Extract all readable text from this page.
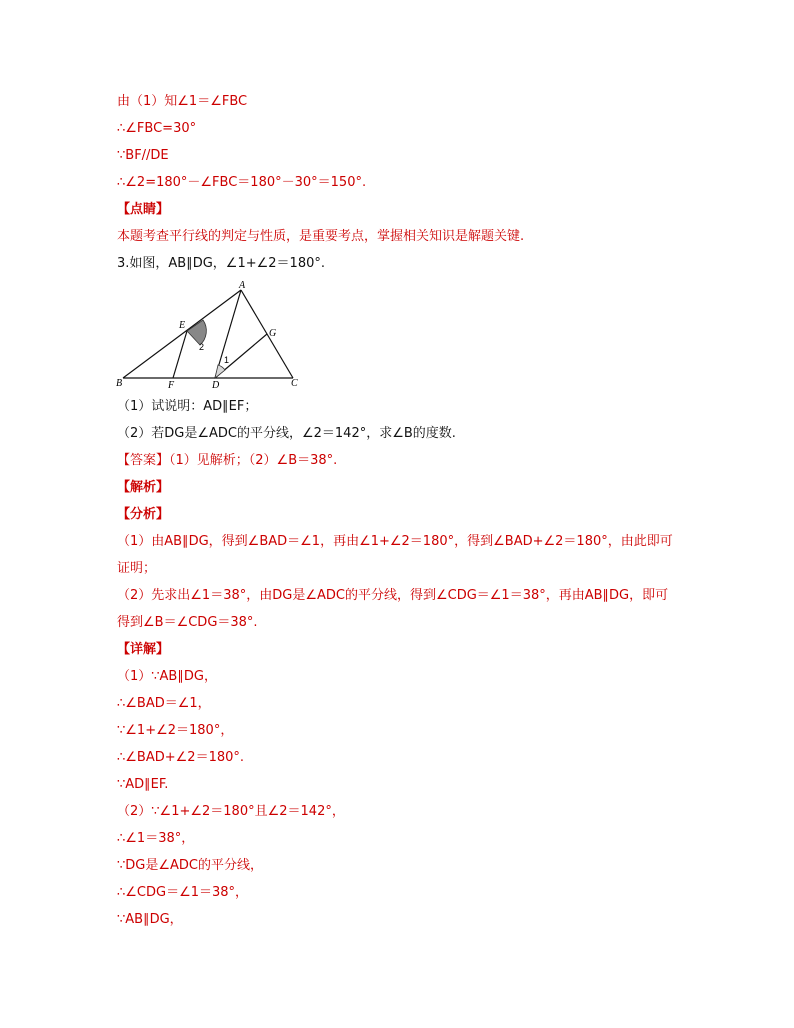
由（1）知∠1＝∠FBC
∴∠FBC=30°
∵BF//DE
∴∠2=180°－∠FBC＝180°－30°＝150°.
【点睛】
本题考查平行线的判定与性质，是重要考点，掌握相关知识是解题关键.
3.如图，AB∥DG，∠1+∠2＝180°.
A
B	C
D
E
F
G
1
2
（1）试说明：AD∥EF；
（2）若DG是∠ADC的平分线，∠2＝142°，求∠B的度数.
【答案】（1）见解析；（2）∠B＝38°.
【解析】
【分析】
（1）由AB∥DG，得到∠BAD＝∠1，再由∠1+∠2＝180°，得到∠BAD+∠2＝180°，由此即可
证明；
（2）先求出∠1＝38°，由DG是∠ADC的平分线，得到∠CDG＝∠1＝38°，再由AB∥DG，即可
得到∠B＝∠CDG＝38°.
【详解】
（1）∵AB∥DG，
∴∠BAD＝∠1，
∵∠1+∠2＝180°，
∴∠BAD+∠2＝180°.
∵AD∥EF.
（2）∵∠1+∠2＝180°且∠2＝142°，
∴∠1＝38°，
∵DG是∠ADC的平分线，
∴∠CDG＝∠1＝38°，
∵AB∥DG，
